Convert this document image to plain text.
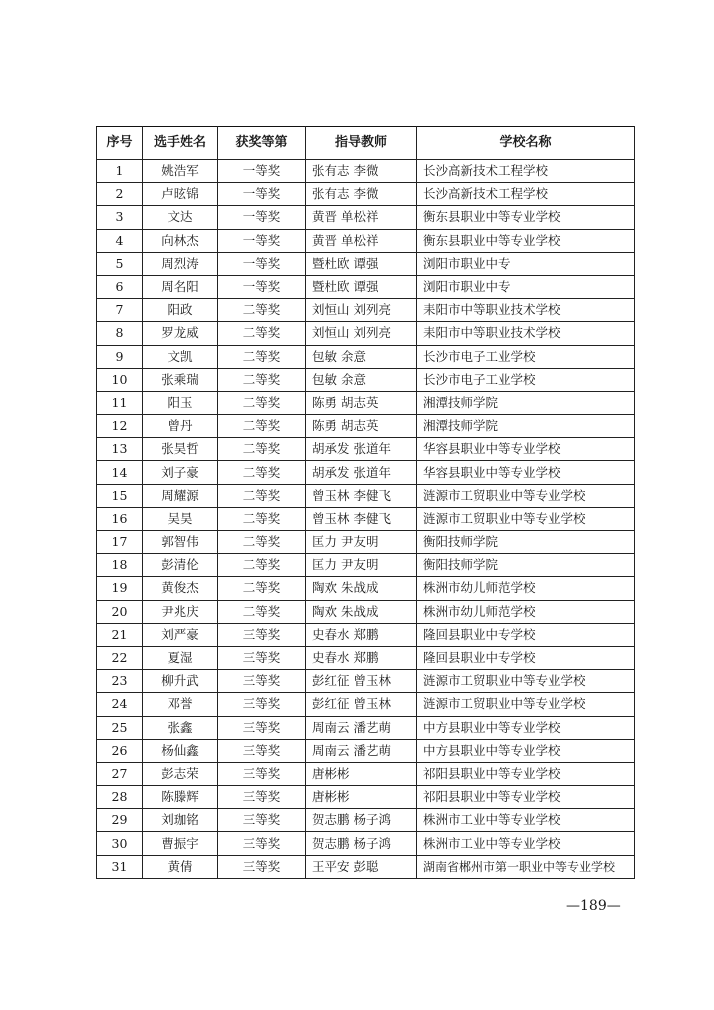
序号	选手姓名	获奖等第	指导教师	学校名称
1	姚浩军	一等奖	张有志 李微	长沙高新技术工程学校
2	卢昡锦	一等奖	张有志 李微	长沙高新技术工程学校
3	文达	一等奖	黄晋 单松祥	衡东县职业中等专业学校
4	向林杰	一等奖	黄晋 单松祥	衡东县职业中等专业学校
5	周烈涛	一等奖	暨杜欧 谭强	浏阳市职业中专
6	周名阳	一等奖	暨杜欧 谭强	浏阳市职业中专
7	阳政	二等奖	刘恒山 刘列亮	耒阳市中等职业技术学校
8	罗龙威	二等奖	刘恒山 刘列亮	耒阳市中等职业技术学校
9	文凯	二等奖	包敏 余意	长沙市电子工业学校
10	张乘瑞	二等奖	包敏 余意	长沙市电子工业学校
11	阳玉	二等奖	陈勇 胡志英	湘潭技师学院
12	曾丹	二等奖	陈勇 胡志英	湘潭技师学院
13	张昊哲	二等奖	胡承发 张道年	华容县职业中等专业学校
14	刘子豪	二等奖	胡承发 张道年	华容县职业中等专业学校
15	周耀源	二等奖	曾玉林 李健飞	涟源市工贸职业中等专业学校
16	吴昊	二等奖	曾玉林 李健飞	涟源市工贸职业中等专业学校
17	郭智伟	二等奖	匡力 尹友明	衡阳技师学院
18	彭清伦	二等奖	匡力 尹友明	衡阳技师学院
19	黄俊杰	二等奖	陶欢 朱战成	株洲市幼儿师范学校
20	尹兆庆	二等奖	陶欢 朱战成	株洲市幼儿师范学校
21	刘严豪	三等奖	史春水 郑鹏	隆回县职业中专学校
22	夏湿	三等奖	史春水 郑鹏	隆回县职业中专学校
23	柳升武	三等奖	彭红征 曾玉林	涟源市工贸职业中等专业学校
24	邓誉	三等奖	彭红征 曾玉林	涟源市工贸职业中等专业学校
25	张鑫	三等奖	周南云 潘艺萌	中方县职业中等专业学校
26	杨仙鑫	三等奖	周南云 潘艺萌	中方县职业中等专业学校
27	彭志荣	三等奖	唐彬彬	祁阳县职业中等专业学校
28	陈滕辉	三等奖	唐彬彬	祁阳县职业中等专业学校
29	刘珈铭	三等奖	贺志鹏 杨子鸿	株洲市工业中等专业学校
30	曹振宇	三等奖	贺志鹏 杨子鸿	株洲市工业中等专业学校
31	黄倩	三等奖	王平安 彭聪	湖南省郴州市第一职业中等专业学校
—189—
